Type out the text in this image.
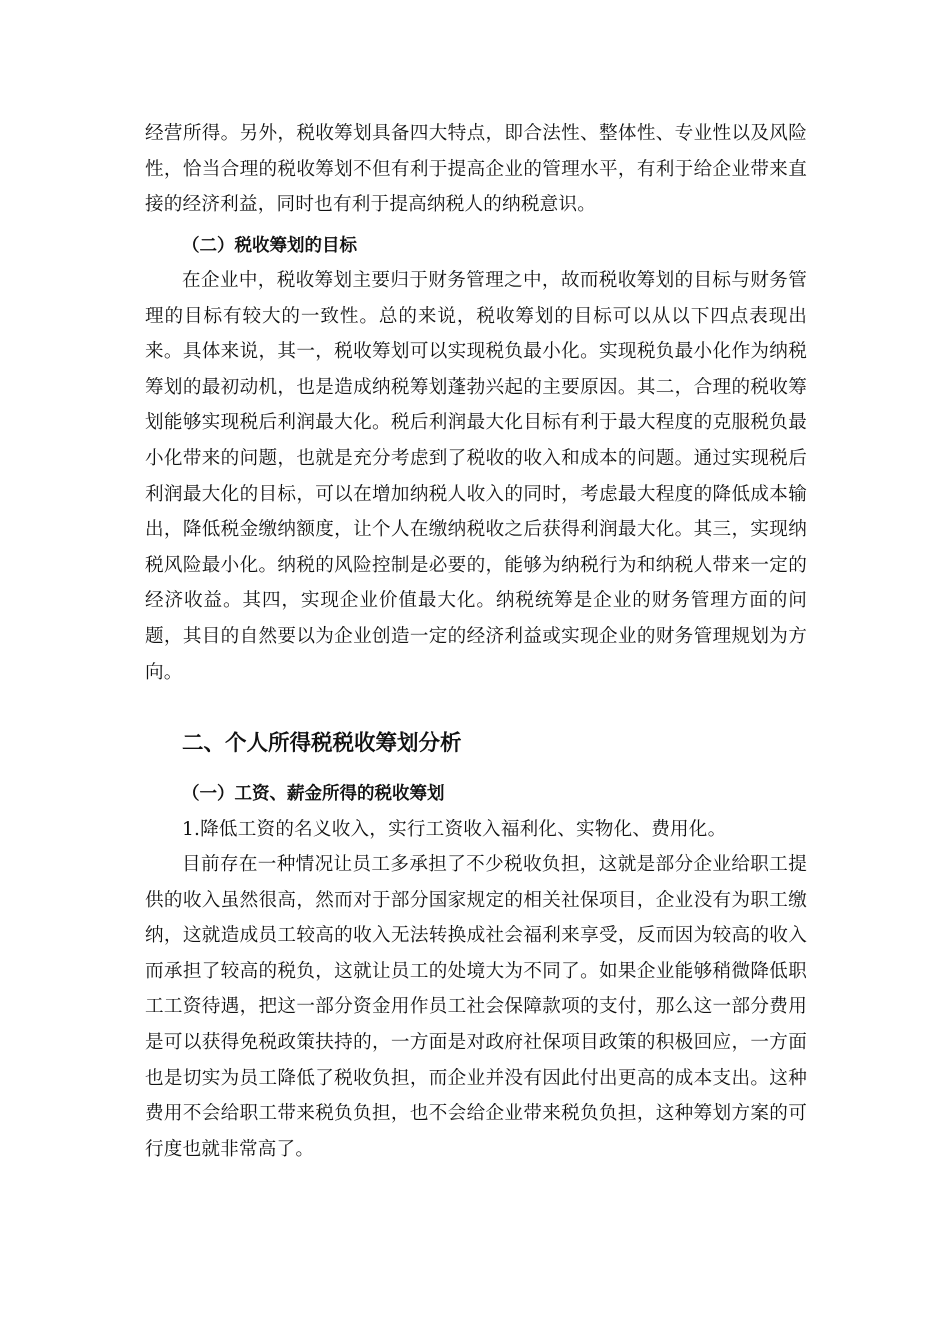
经营所得。另外，税收筹划具备四大特点，即合法性、整体性、专业性以及风险性，恰当合理的税收筹划不但有利于提高企业的管理水平，有利于给企业带来直接的经济利益，同时也有利于提高纳税人的纳税意识。

（二）税收筹划的目标

在企业中，税收筹划主要归于财务管理之中，故而税收筹划的目标与财务管理的目标有较大的一致性。总的来说，税收筹划的目标可以从以下四点表现出来。具体来说，其一，税收筹划可以实现税负最小化。实现税负最小化作为纳税筹划的最初动机，也是造成纳税筹划蓬勃兴起的主要原因。其二，合理的税收筹划能够实现税后利润最大化。税后利润最大化目标有利于最大程度的克服税负最小化带来的问题，也就是充分考虑到了税收的收入和成本的问题。通过实现税后利润最大化的目标，可以在增加纳税人收入的同时，考虑最大程度的降低成本输出，降低税金缴纳额度，让个人在缴纳税收之后获得利润最大化。其三，实现纳税风险最小化。纳税的风险控制是必要的，能够为纳税行为和纳税人带来一定的经济收益。其四，实现企业价值最大化。纳税统筹是企业的财务管理方面的问题，其目的自然要以为企业创造一定的经济利益或实现企业的财务管理规划为方向。

二、个人所得税税收筹划分析
（一）工资、薪金所得的税收筹划

1.降低工资的名义收入，实行工资收入福利化、实物化、费用化。

目前存在一种情况让员工多承担了不少税收负担，这就是部分企业给职工提供的收入虽然很高，然而对于部分国家规定的相关社保项目，企业没有为职工缴纳，这就造成员工较高的收入无法转换成社会福利来享受，反而因为较高的收入而承担了较高的税负，这就让员工的处境大为不同了。如果企业能够稍微降低职工工资待遇，把这一部分资金用作员工社会保障款项的支付，那么这一部分费用是可以获得免税政策扶持的，一方面是对政府社保项目政策的积极回应，一方面也是切实为员工降低了税收负担，而企业并没有因此付出更高的成本支出。这种费用不会给职工带来税负负担，也不会给企业带来税负负担，这种筹划方案的可行度也就非常高了。
